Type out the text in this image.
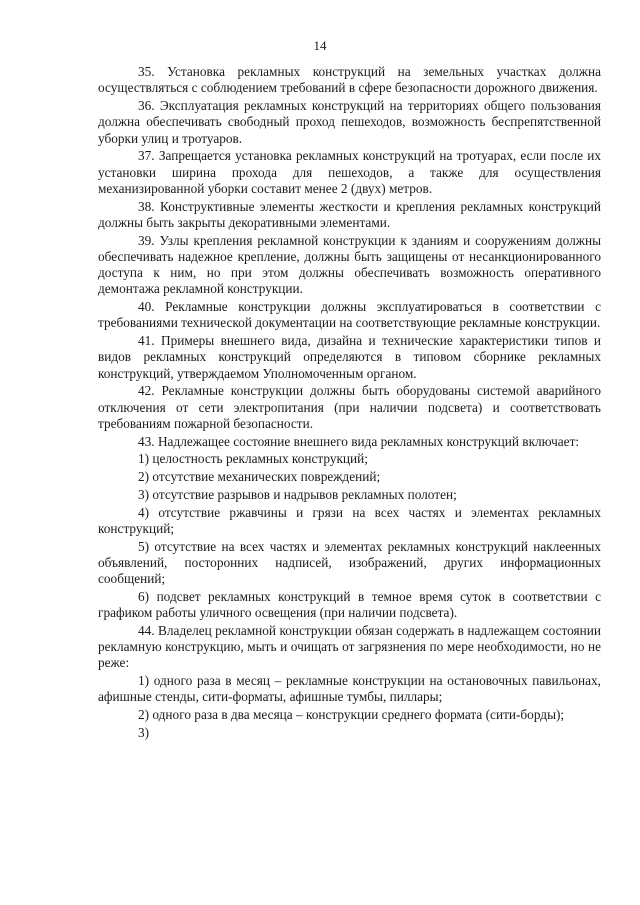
14

35. Установка рекламных конструкций на земельных участках должна осуществляться с соблюдением требований в сфере безопасности дорожного движения.

36. Эксплуатация рекламных конструкций на территориях общего пользования должна обеспечивать свободный проход пешеходов, возможность беспрепятственной уборки улиц и тротуаров.

37. Запрещается установка рекламных конструкций на тротуарах, если после их установки ширина прохода для пешеходов, а также для осуществления механизированной уборки составит менее 2 (двух) метров.

38. Конструктивные элементы жесткости и крепления рекламных конструкций должны быть закрыты декоративными элементами.

39. Узлы крепления рекламной конструкции к зданиям и сооружениям должны обеспечивать надежное крепление, должны быть защищены от несанкционированного доступа к ним, но при этом должны обеспечивать возможность оперативного демонтажа рекламной конструкции.

40. Рекламные конструкции должны эксплуатироваться в соответствии с требованиями технической документации на соответствующие рекламные конструкции.

41. Примеры внешнего вида, дизайна и технические характеристики типов и видов рекламных конструкций определяются в типовом сборнике рекламных конструкций, утверждаемом Уполномоченным органом.

42. Рекламные конструкции должны быть оборудованы системой аварийного отключения от сети электропитания (при наличии подсвета) и соответствовать требованиям пожарной безопасности.

43. Надлежащее состояние внешнего вида рекламных конструкций включает:

1) целостность рекламных конструкций;

2) отсутствие механических повреждений;

3) отсутствие разрывов и надрывов рекламных полотен;

4) отсутствие ржавчины и грязи на всех частях и элементах рекламных конструкций;

5) отсутствие на всех частях и элементах рекламных конструкций наклеенных объявлений, посторонних надписей, изображений, других информационных сообщений;

6) подсвет рекламных конструкций в темное время суток в соответствии с графиком работы уличного освещения (при наличии подсвета).

44. Владелец рекламной конструкции обязан содержать в надлежащем состоянии рекламную конструкцию, мыть и очищать от загрязнения по мере необходимости, но не реже:

1) одного раза в месяц – рекламные конструкции на остановочных павильонах, афишные стенды, сити-форматы, афишные тумбы, пиллары;

2) одного раза в два месяца – конструкции среднего формата (сити-борды);

3)
